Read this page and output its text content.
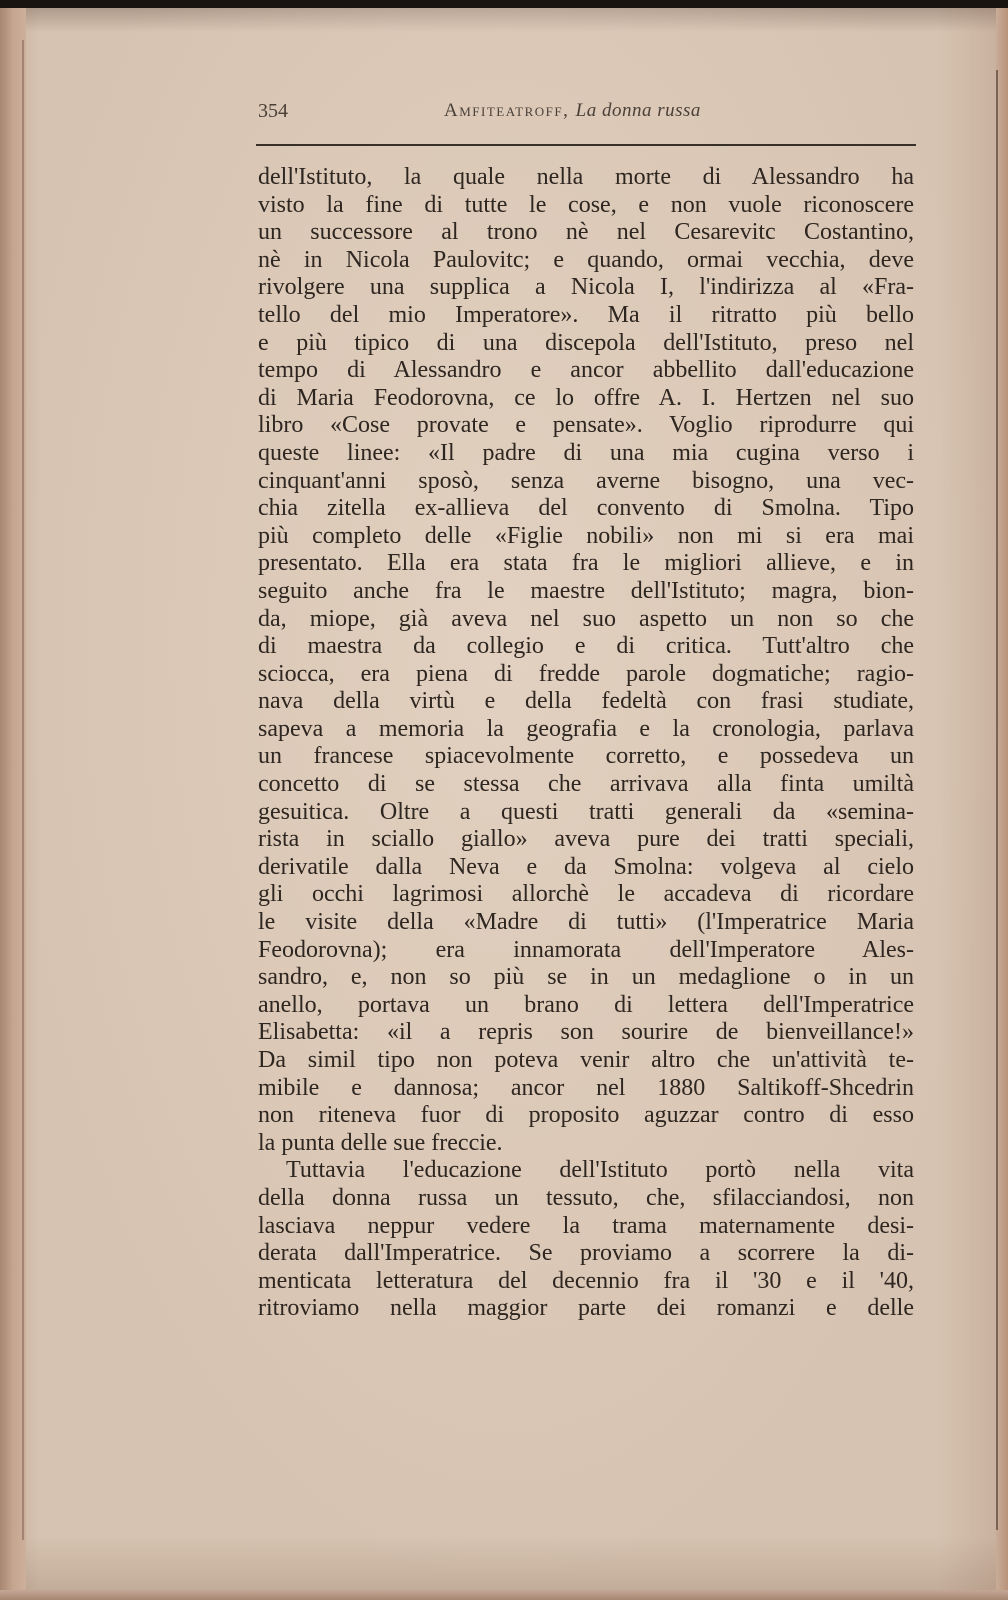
354	Amfiteatroff, La donna russa
dell'Istituto, la quale nella morte di Alessandro ha
visto la fine di tutte le cose, e non vuole riconoscere
un successore al trono nè nel Cesarevitc Costantino,
nè in Nicola Paulovitc; e quando, ormai vecchia, deve
rivolgere una supplica a Nicola I, l'indirizza al «Fra-
tello del mio Imperatore». Ma il ritratto più bello
e più tipico di una discepola dell'Istituto, preso nel
tempo di Alessandro e ancor abbellito dall'educazione
di Maria Feodorovna, ce lo offre A. I. Hertzen nel suo
libro «Cose provate e pensate». Voglio riprodurre qui
queste linee: «Il padre di una mia cugina verso i
cinquant'anni sposò, senza averne bisogno, una vec-
chia zitella ex-allieva del convento di Smolna. Tipo
più completo delle «Figlie nobili» non mi si era mai
presentato. Ella era stata fra le migliori allieve, e in
seguito anche fra le maestre dell'Istituto; magra, bion-
da, miope, già aveva nel suo aspetto un non so che
di maestra da collegio e di critica. Tutt'altro che
sciocca, era piena di fredde parole dogmatiche; ragio-
nava della virtù e della fedeltà con frasi studiate,
sapeva a memoria la geografia e la cronologia, parlava
un francese spiacevolmente corretto, e possedeva un
concetto di se stessa che arrivava alla finta umiltà
gesuitica. Oltre a questi tratti generali da «semina-
rista in sciallo giallo» aveva pure dei tratti speciali,
derivatile dalla Neva e da Smolna: volgeva al cielo
gli occhi lagrimosi allorchè le accadeva di ricordare
le visite della «Madre di tutti» (l'Imperatrice Maria
Feodorovna); era innamorata dell'Imperatore Ales-
sandro, e, non so più se in un medaglione o in un
anello, portava un brano di lettera dell'Imperatrice
Elisabetta: «il a repris son sourire de bienveillance!»
Da simil tipo non poteva venir altro che un'attività te-
mibile e dannosa; ancor nel 1880 Saltikoff-Shcedrin
non riteneva fuor di proposito aguzzar contro di esso
la punta delle sue freccie.
Tuttavia l'educazione dell'Istituto portò nella vita
della donna russa un tessuto, che, sfilacciandosi, non
lasciava neppur vedere la trama maternamente desi-
derata dall'Imperatrice. Se proviamo a scorrere la di-
menticata letteratura del decennio fra il '30 e il '40,
ritroviamo nella maggior parte dei romanzi e delle
